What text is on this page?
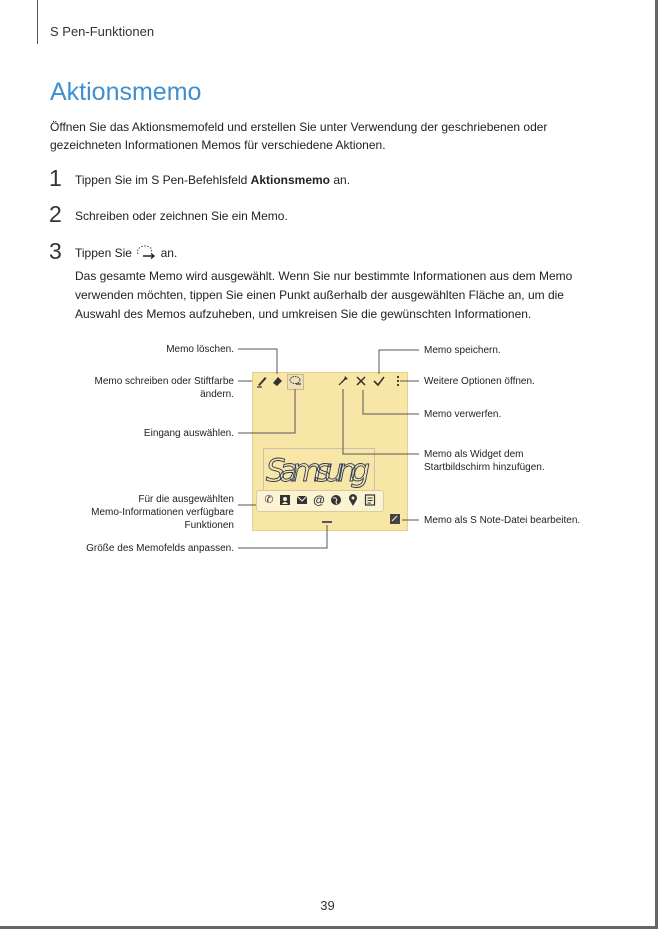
S Pen-Funktionen
Aktionsmemo

Öffnen Sie das Aktionsmemofeld und erstellen Sie unter Verwendung der geschriebenen oder gezeichneten Informationen Memos für verschiedene Aktionen.

1 Tippen Sie im S Pen-Befehlsfeld Aktionsmemo an.
2 Schreiben oder zeichnen Sie ein Memo.
3 Tippen Sie  an.

Das gesamte Memo wird ausgewählt. Wenn Sie nur bestimmte Informationen aus dem Memo verwenden möchten, tippen Sie einen Punkt außerhalb der ausgewählten Fläche an, um die Auswahl des Memos aufzuheben, und umkreisen Sie die gewünschten Informationen.

Samsung
✆	@
Memo löschen.
Memo schreiben oder Stiftfarbe
ändern.
Eingang auswählen.
Für die ausgewählten
Memo-Informationen verfügbare
Funktionen
Größe des Memofelds anpassen.
Memo speichern.
Weitere Optionen öffnen.
Memo verwerfen.
Memo als Widget dem
Startbildschirm hinzufügen.
Memo als S Note-Datei bearbeiten.
39
